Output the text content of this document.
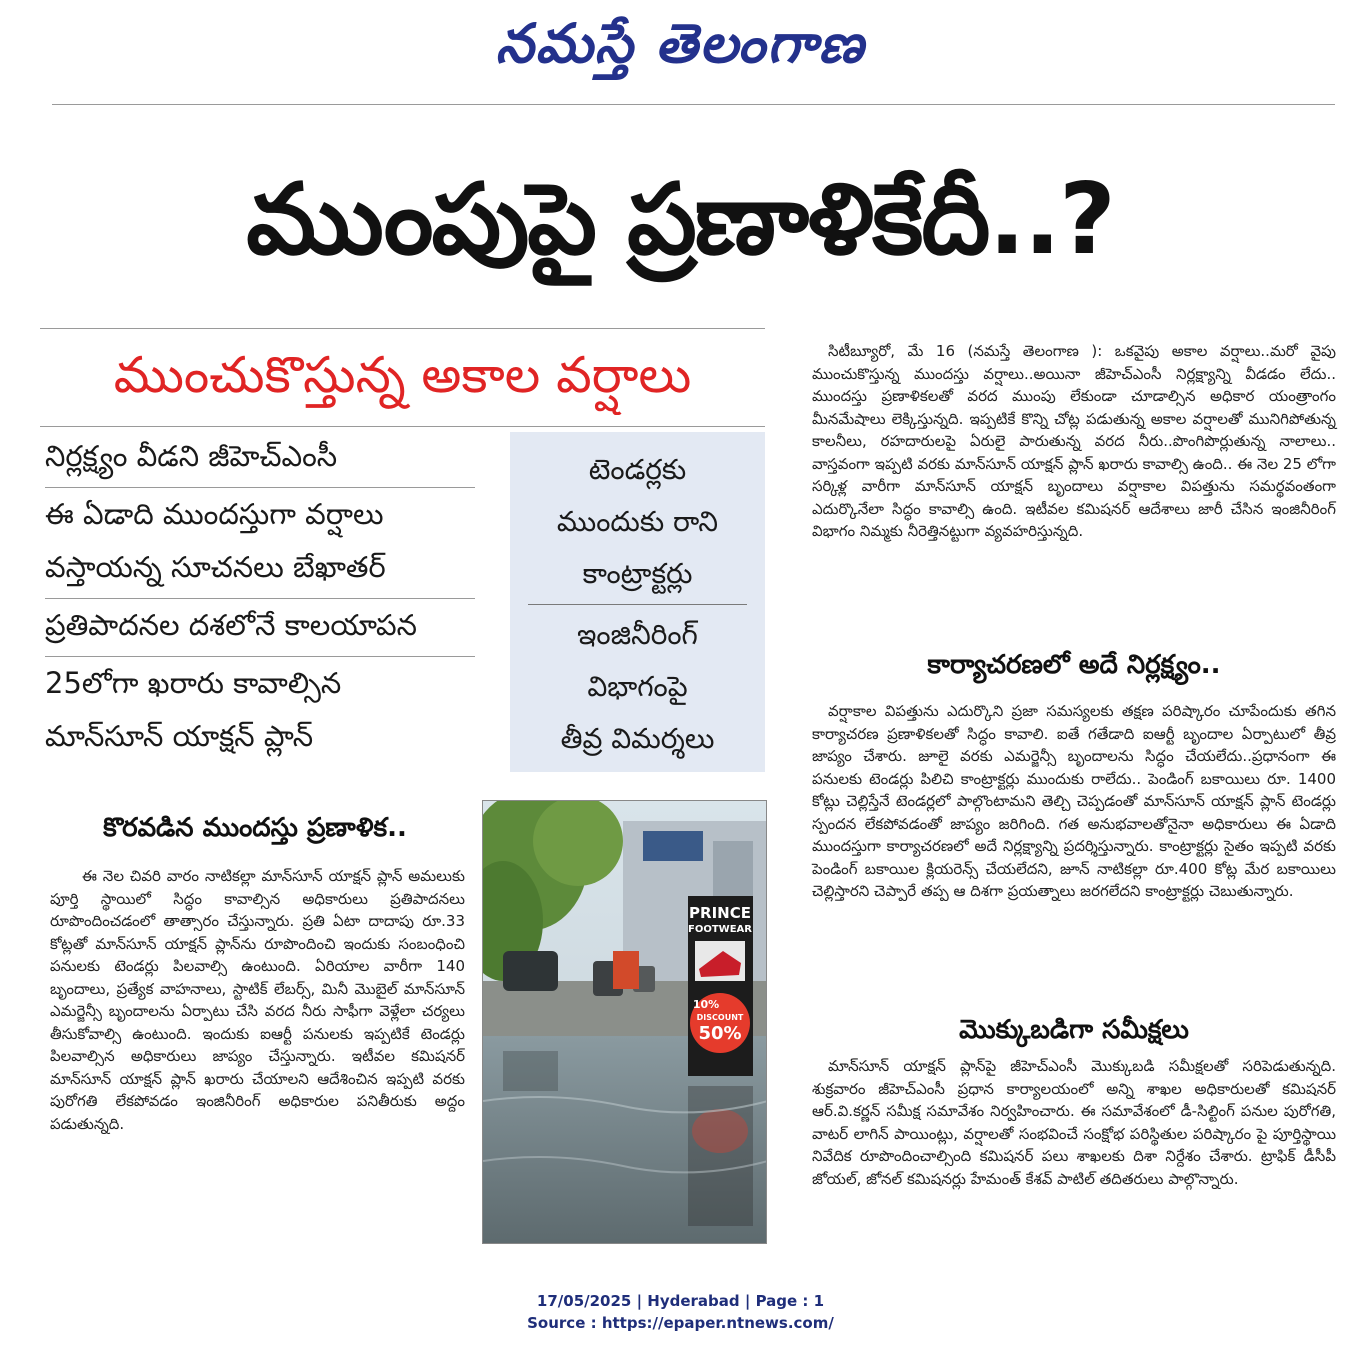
నమస్తే తెలంగాణ
ముంపుపై ప్రణాళికేదీ..?
ముంచుకొస్తున్న అకాల వర్షాలు
నిర్లక్ష్యం వీడని జీహెచ్ఎంసీ
ఈ ఏడాది ముందస్తుగా వర్షాలు
వస్తాయన్న సూచనలు బేఖాతర్
ప్రతిపాదనల దశలోనే కాలయాపన
25లోగా ఖరారు కావాల్సిన
మాన్‌సూన్ యాక్షన్ ప్లాన్
టెండర్లకు
ముందుకు రాని
కాంట్రాక్టర్లు
ఇంజినీరింగ్
విభాగంపై
తీవ్ర విమర్శలు
కొరవడిన ముందస్తు ప్రణాళిక..
ఈ నెల చివరి వారం నాటికల్లా మాన్‌సూన్ యాక్షన్ ప్లాన్ అమలుకు పూర్తి స్థాయిలో సిద్ధం కావాల్సిన అధికారులు ప్రతిపాదనలు రూపొందించడంలో తాత్సారం చేస్తున్నారు. ప్రతి ఏటా దాదాపు రూ.33 కోట్లతో మాన్‌సూన్ యాక్షన్ ప్లాన్‌ను రూపొందించి ఇందుకు సంబంధించి పనులకు టెండర్లు పిలవాల్సి ఉంటుంది. ఏరియాల వారీగా 140 బృందాలు, ప్రత్యేక వాహనాలు, స్టాటిక్ లేబర్స్, మినీ మొబైల్ మాన్‌సూన్ ఎమర్జెన్సీ బృందాలను ఏర్పాటు చేసి వరద నీరు సాఫీగా వెళ్లేలా చర్యలు తీసుకోవాల్సి ఉంటుంది. ఇందుకు ఐఆర్టీ పనులకు ఇప్పటికే టెండర్లు పిలవాల్సిన అధికారులు జాప్యం చేస్తున్నారు. ఇటీవల కమిషనర్ మాన్‌సూన్ యాక్షన్ ప్లాన్ ఖరారు చేయాలని ఆదేశించిన ఇప్పటి వరకు పురోగతి లేకపోవడం ఇంజినీరింగ్ అధికారుల పనితీరుకు అద్దం పడుతున్నది.
PRINCE
FOOTWEAR
10%
DISCOUNT
50%
సిటీబ్యూరో, మే 16 (నమస్తే తెలంగాణ ): ఒకవైపు అకాల వర్షాలు..మరో వైపు ముంచుకొస్తున్న ముందస్తు వర్షాలు..అయినా జీహెచ్ఎంసీ నిర్లక్ష్యాన్ని వీడడం లేదు.. ముందస్తు ప్రణాళికలతో వరద ముంపు లేకుండా చూడాల్సిన అధికార యంత్రాంగం మీనమేషాలు లెక్కిస్తున్నది. ఇప్పటికే కొన్ని చోట్ల పడుతున్న అకాల వర్షాలతో మునిగిపోతున్న కాలనీలు, రహదారులపై ఏరులై పారుతున్న వరద నీరు..పొంగిపొర్లుతున్న నాలాలు.. వాస్తవంగా ఇప్పటి వరకు మాన్‌సూన్ యాక్షన్ ప్లాన్ ఖరారు కావాల్సి ఉంది.. ఈ నెల 25 లోగా సర్కిళ్ల వారీగా మాన్‌సూన్ యాక్షన్ బృందాలు వర్షాకాల విపత్తును సమర్థవంతంగా ఎదుర్కొనేలా సిద్ధం కావాల్సి ఉంది. ఇటీవల కమిషనర్ ఆదేశాలు జారీ చేసిన ఇంజినీరింగ్ విభాగం నిమ్మకు నీరెత్తినట్టుగా వ్యవహరిస్తున్నది.
కార్యాచరణలో అదే నిర్లక్ష్యం..
వర్షాకాల విపత్తును ఎదుర్కొని ప్రజా సమస్యలకు తక్షణ పరిష్కారం చూపేందుకు తగిన కార్యాచరణ ప్రణాళికలతో సిద్ధం కావాలి. ఐతే గతేడాది ఐఆర్టీ బృందాల ఏర్పాటులో తీవ్ర జాప్యం చేశారు. జూలై వరకు ఎమర్జెన్సీ బృందాలను సిద్ధం చేయలేదు..ప్రధానంగా ఈ పనులకు టెండర్లు పిలిచి కాంట్రాక్టర్లు ముందుకు రాలేదు.. పెండింగ్ బకాయిలు రూ. 1400 కోట్లు చెల్లిస్తేనే టెండర్లలో పాల్గొంటామని తెల్చి చెప్పడంతో మాన్‌సూన్ యాక్షన్ ప్లాన్ టెండర్లు స్పందన లేకపోవడంతో జాప్యం జరిగింది. గత అనుభవాలతోనైనా అధికారులు ఈ ఏడాది ముందస్తుగా కార్యాచరణలో అదే నిర్లక్ష్యాన్ని ప్రదర్శిస్తున్నారు. కాంట్రాక్టర్లు సైతం ఇప్పటి వరకు పెండింగ్ బకాయిల క్లియరెన్స్ చేయలేదని, జూన్ నాటికల్లా రూ.400 కోట్ల మేర బకాయిలు చెల్లిస్తారని చెప్పారే తప్ప ఆ దిశగా ప్రయత్నాలు జరగలేదని కాంట్రాక్టర్లు చెబుతున్నారు.
మొక్కుబడిగా సమీక్షలు
మాన్‌సూన్ యాక్షన్ ప్లాన్‌పై జీహెచ్ఎంసీ మొక్కుబడి సమీక్షలతో సరిపెడుతున్నది. శుక్రవారం జీహెచ్ఎంసీ ప్రధాన కార్యాలయంలో అన్ని శాఖల అధికారులతో కమిషనర్ ఆర్.వి.కర్ణన్ సమీక్ష సమావేశం నిర్వహించారు. ఈ సమావేశంలో డీ-సిల్టింగ్ పనుల పురోగతి, వాటర్ లాగిన్ పాయింట్లు, వర్షాలతో సంభవించే సంక్షోభ పరిస్థితుల పరిష్కారం పై పూర్తిస్థాయి నివేదిక రూపొందించాల్సింది కమిషనర్ పలు శాఖలకు దిశా నిర్దేశం చేశారు. ట్రాఫిక్ డీసీపీ జోయల్, జోనల్ కమిషనర్లు హేమంత్ కేశవ్ పాటిల్ తదితరులు పాల్గొన్నారు.
17/05/2025 | Hyderabad | Page : 1
Source : https://epaper.ntnews.com/
